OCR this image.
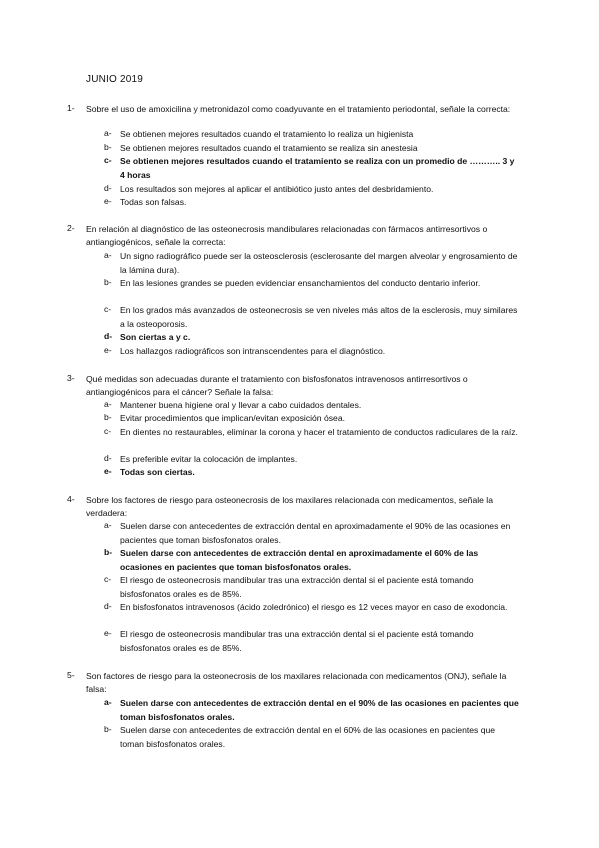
JUNIO 2019
1- Sobre el uso de amoxicilina y metronidazol como coadyuvante en el tratamiento periodontal, señale la correcta:
a- Se obtienen mejores resultados cuando el tratamiento lo realiza un higienista
b- Se obtienen mejores resultados cuando el tratamiento se realiza sin anestesia
c- Se obtienen mejores resultados cuando el tratamiento se realiza con un promedio de ……….. 3 y 4 horas
d- Los resultados son mejores al aplicar el antibiótico justo antes del desbridamiento.
e- Todas son falsas.
2- En relación al diagnóstico de las osteonecrosis mandibulares relacionadas con fármacos antirresortivos o antiangiogénicos, señale la correcta:
a- Un signo radiográfico puede ser la osteosclerosis (esclerosante del margen alveolar y engrosamiento de la lámina dura).
b- En las lesiones grandes se pueden evidenciar ensanchamientos del conducto dentario inferior.
c- En los grados más avanzados de osteonecrosis se ven niveles más altos de la esclerosis, muy similares a la osteoporosis.
d- Son ciertas a y c.
e- Los hallazgos radiográficos son intranscendentes para el diagnóstico.
3- Qué medidas son adecuadas durante el tratamiento con bisfosfonatos intravenosos antirresortivos o antiangiogénicos para el cáncer? Señale la falsa:
a- Mantener buena higiene oral y llevar a cabo cuidados dentales.
b- Evitar procedimientos que implican/evitan exposición ósea.
c- En dientes no restaurables, eliminar la corona y hacer el tratamiento de conductos radiculares de la raíz.
d- Es preferible evitar la colocación de implantes.
e- Todas son ciertas.
4- Sobre los factores de riesgo para osteonecrosis de los maxilares relacionada con medicamentos, señale la verdadera:
a- Suelen darse con antecedentes de extracción dental en aproximadamente el 90% de las ocasiones en pacientes que toman bisfosfonatos orales.
b- Suelen darse con antecedentes de extracción dental en aproximadamente el 60% de las ocasiones en pacientes que toman bisfosfonatos orales.
c- El riesgo de osteonecrosis mandibular tras una extracción dental si el paciente está tomando bisfosfonatos orales es de 85%.
d- En bisfosfonatos intravenosos (ácido zoledrónico) el riesgo es 12 veces mayor en caso de exodoncia.
e- El riesgo de osteonecrosis mandibular tras una extracción dental si el paciente está tomando bisfosfonatos orales es de 85%.
5- Son factores de riesgo para la osteonecrosis de los maxilares relacionada con medicamentos (ONJ), señale la falsa:
a- Suelen darse con antecedentes de extracción dental en el 90% de las ocasiones en pacientes que toman bisfosfonatos orales.
b- Suelen darse con antecedentes de extracción dental en el 60% de las ocasiones en pacientes que toman bisfosfonatos orales.
